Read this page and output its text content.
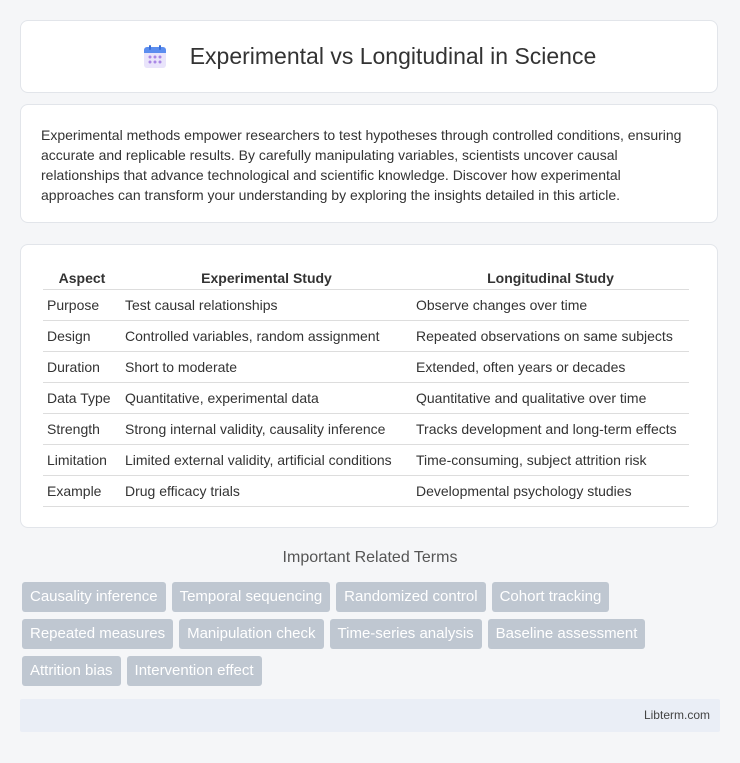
Experimental vs Longitudinal in Science

Experimental methods empower researchers to test hypotheses through controlled conditions, ensuring accurate and replicable results. By carefully manipulating variables, scientists uncover causal relationships that advance technological and scientific knowledge. Discover how experimental approaches can transform your understanding by exploring the insights detailed in this article.

Aspect	Experimental Study	Longitudinal Study
Purpose	Test causal relationships	Observe changes over time
Design	Controlled variables, random assignment	Repeated observations on same subjects
Duration	Short to moderate	Extended, often years or decades
Data Type	Quantitative, experimental data	Quantitative and qualitative over time
Strength	Strong internal validity, causality inference	Tracks development and long-term effects
Limitation	Limited external validity, artificial conditions	Time-consuming, subject attrition risk
Example	Drug efficacy trials	Developmental psychology studies
Important Related Terms
Causality inference	Temporal sequencing	Randomized control	Cohort tracking
Repeated measures	Manipulation check	Time-series analysis	Baseline assessment
Attrition bias	Intervention effect
Libterm.com
